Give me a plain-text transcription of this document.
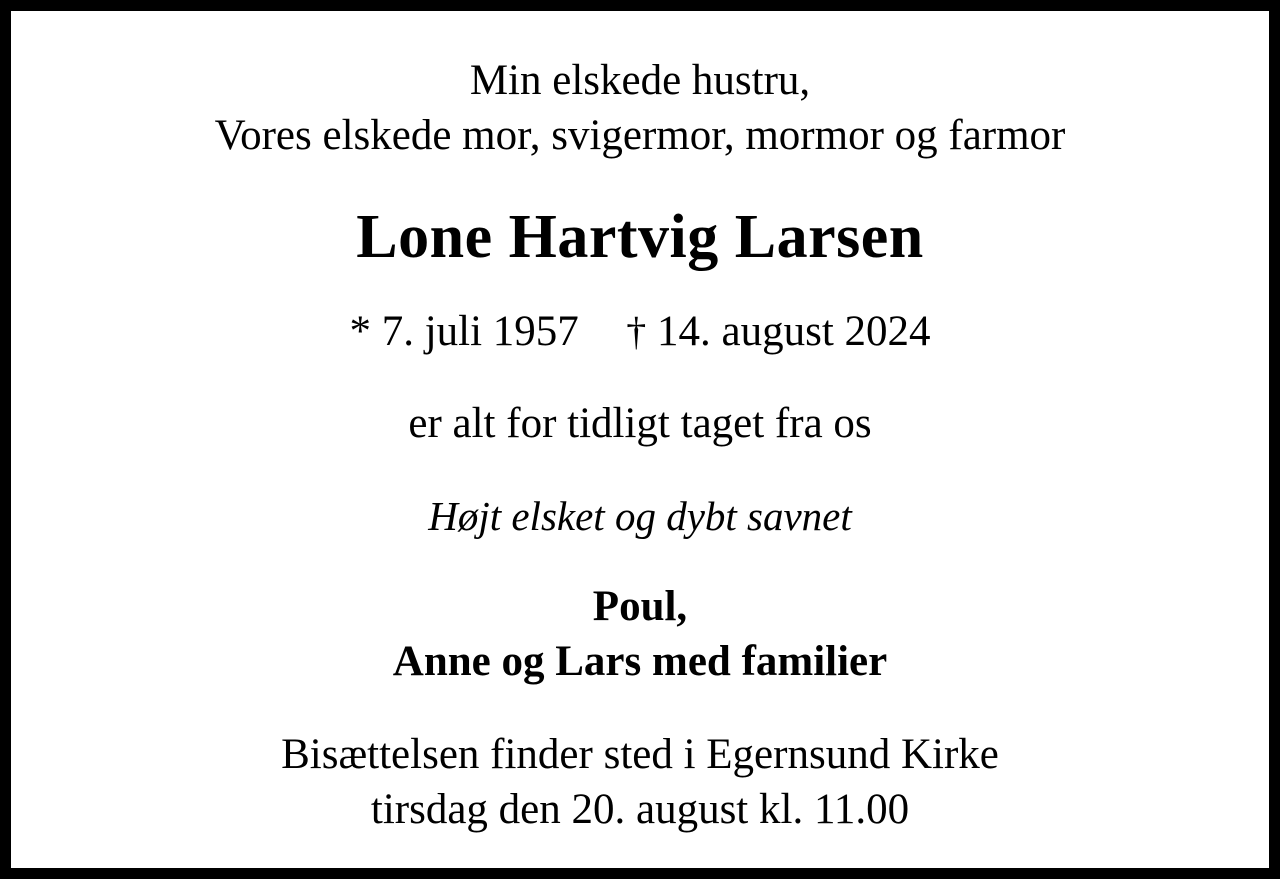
Min elskede hustru,
Vores elskede mor, svigermor, mormor og farmor
Lone Hartvig Larsen
* 7. juli 1957 † 14. august 2024
er alt for tidligt taget fra os
Højt elsket og dybt savnet
Poul,
Anne og Lars med familier
Bisættelsen finder sted i Egernsund Kirke
tirsdag den 20. august kl. 11.00
